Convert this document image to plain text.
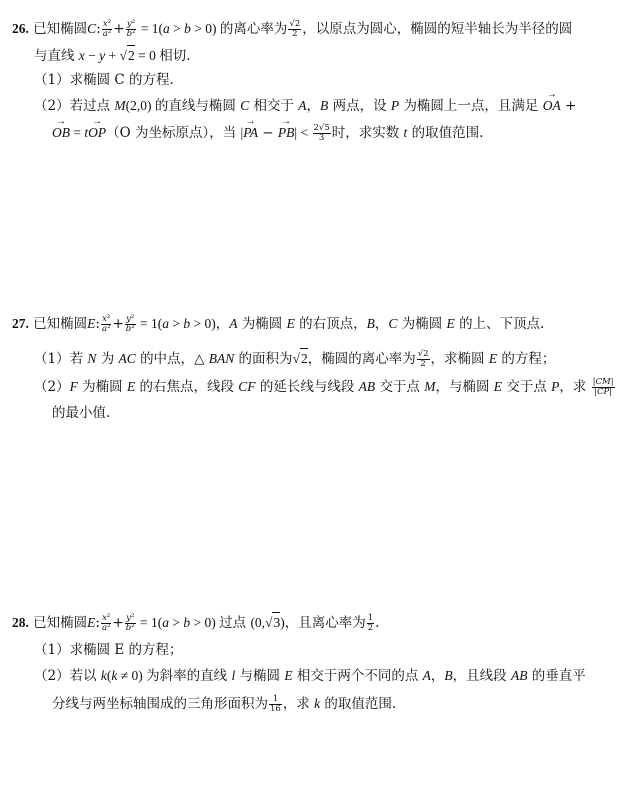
26. 已知椭圆C: $\frac{\text{x²}}{\text{a²}} + \frac{\text{y²}}{\text{b²}} = 1(a > b > 0)$ 的离心率为 $\frac{√2}{2}$ ，以原点为圆心，椭圆的短半轴长为半径的圆
与直线 x − y + √2 = 0 相切.
（1）求椭圆 C 的方程.
（2）若过点 M(2,0) 的直线与椭圆 C 相交于 A，B 两点，设 P 为椭圆上一点，且满足 → OA +
→ OB = t→ OP（O 为坐标原点），当 |→ PA − → $PB| < \frac{2√5}{3}$ 时，求实数 t 的取值范围.
27. 已知椭圆E: $\frac{\text{x²}}{\text{a²}} + \frac{\text{y²}}{\text{b²}} = 1(a > b > 0)$，A 为椭圆 E 的右顶点，B，C 为椭圆 E 的上、下顶点.
（1）若 N 为 AC 的中点，△ BAN 的面积为√2，椭圆的离心率为 $\frac{√2}{2}$ ，求椭圆 E 的方程；
（2）F 为椭圆 E 的右焦点，线段 CF 的延长线与线段 AB 交于点 M，与椭圆 E 交于点 P，求 $\frac{|CM|}{|CP|}$
的最小值.
28. 已知椭圆E: $\frac{\text{x²}}{\text{a²}} + \frac{\text{y²}}{\text{b²}} = 1(a > b > 0)$ 过点 (0,√3)，且离心率为 $\frac{1}{2}$ .
（1）求椭圆 E 的方程；
（2）若以 k(k ≠ 0) 为斜率的直线 l 与椭圆 E 相交于两个不同的点 A，B，且线段 AB 的垂直平
分线与两坐标轴围成的三角形面积为 $\frac{1}{16}$ ，求 k 的取值范围.
